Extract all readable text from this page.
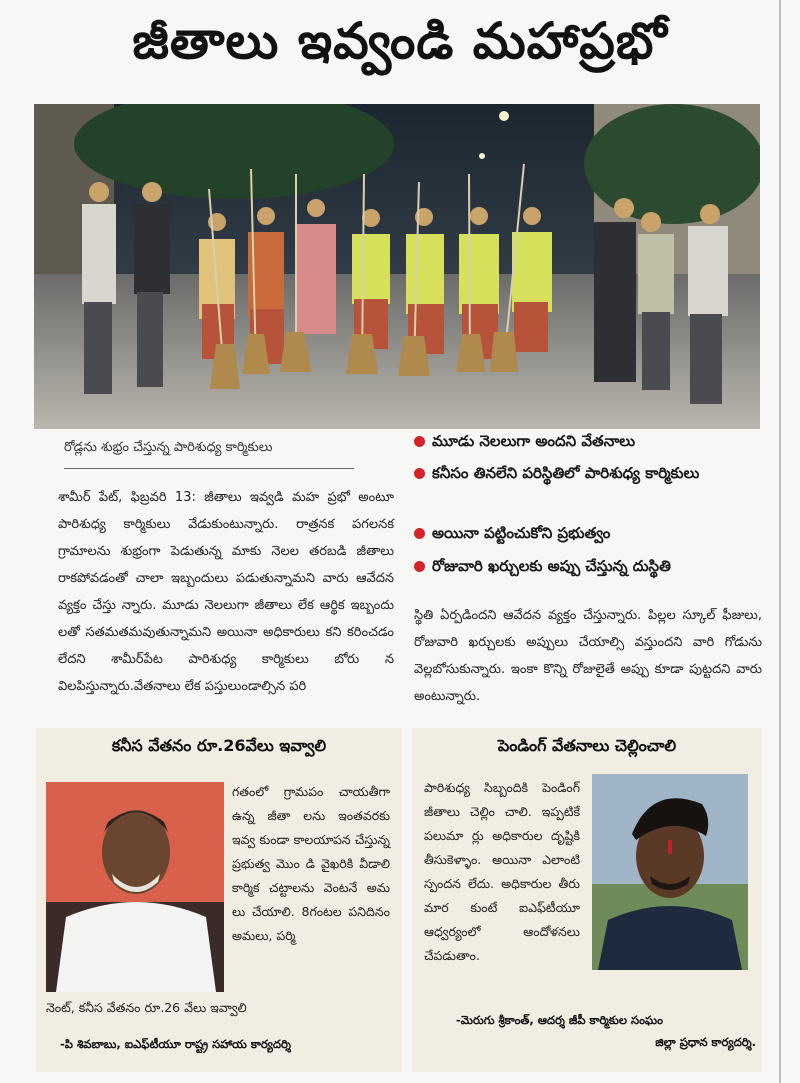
జీతాలు ఇవ్వండి మహాప్రభో
రోడ్లను శుభ్రం చేస్తున్న పారిశుధ్య కార్మికులు	మూడు నెలలుగా అందని వేతనాలు
కనీసం తినలేని పరిస్థితిలో పారిశుధ్య కార్మికులు
అయినా పట్టించుకోని ప్రభుత్వం
రోజువారి ఖర్చులకు అప్పు చేస్తున్న దుస్థితి
శామీర్ పేట్, ఫిబ్రవరి 13: జీతాలు ఇవ్వడి మహ ప్రభో అంటూ పారిశుధ్య కార్మికులు వేడుకుంటున్నారు. రాత్రనక పగలనక గ్రామాలను శుభ్రంగా పెడుతున్న మాకు నెలల తరబడి జీతాలు రాకపోవడంతో చాలా ఇబ్బందులు పడుతున్నామని వారు ఆవేదన వ్యక్తం చేస్తు న్నారు. మూడు నెలలుగా జీతాలు లేక ఆర్థిక ఇబ్బందు లతో సతమతమవుతున్నామని అయినా అధికారులు కని కరించడం లేదని శామీర్‌పేట పారిశుధ్య కార్మికులు బోరు న విలపిస్తున్నారు.వేతనాలు లేక పస్తులుండాల్సిన పరి
స్థితి ఏర్పడిందని ఆవేదన వ్యక్తం చేస్తున్నారు. పిల్లల స్కూల్ ఫీజులు, రోజువారి ఖర్చులకు అప్పులు చేయాల్సి వస్తుందని వారి గోడును వెల్లబోసుకున్నారు. ఇంకా కొన్ని రోజులైతే అప్పు కూడా పుట్టదని వారు అంటున్నారు.
కనీస వేతనం రూ.26వేలు ఇవ్వాలి
గతంలో గ్రామపం చాయతీగా ఉన్న జీతా లను ఇంతవరకు ఇవ్వ కుండా కాలయాపన చేస్తున్న ప్రభుత్వ మొం డి వైఖరికి వీడాలి కార్మిక చట్టాలను వెంటనే అమ లు చేయాలి. 8గంటల పనిదినం అమలు, పర్మి
నెంట్, కనీస వేతనం రూ.26 వేలు ఇవ్వాలి
-పి శివబాబు, ఐఎఫ్‌టీయూ రాష్ట్ర సహాయ కార్యదర్శి
పెండింగ్ వేతనాలు చెల్లించాలి
పారిశుధ్య సిబ్బందికి పెండింగ్ జీతాలు చెల్లిం చాలి. ఇప్పటికే పలుమా ర్లు అధికారుల దృష్టికి తీసుకెళ్ళాం. అయినా ఎలాంటి స్పందన లేదు. అధికారుల తీరు మార కుంటే ఐఎఫ్‌టీయూ ఆధ్వర్యంలో ఆందోళనలు చేపడుతాం.
-మెరుగు శ్రీకాంత్, ఆదర్శ జీపీ కార్మికుల సంఘం
జిల్లా ప్రధాన కార్యదర్శి.
